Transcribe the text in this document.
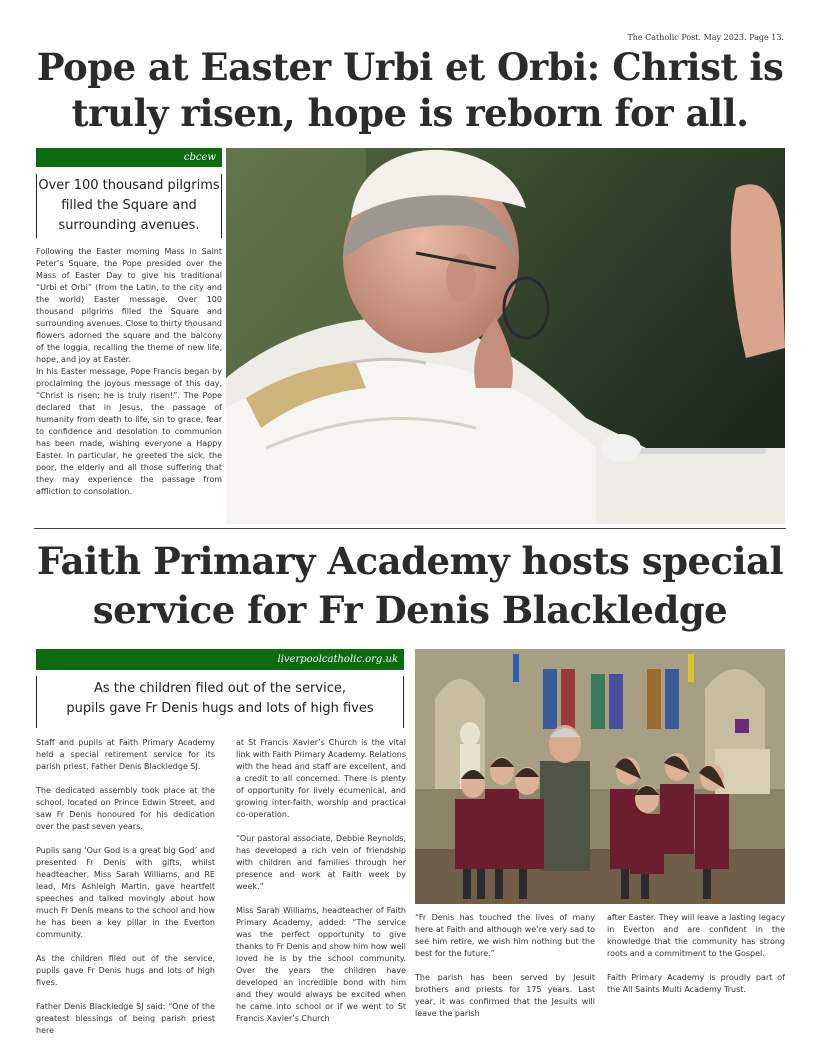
The Catholic Post. May 2023. Page 13.
Pope at Easter Urbi et Orbi: Christ is
truly risen, hope is reborn for all.
cbcew
Over 100 thousand pilgrims filled the Square and surrounding avenues.

Following the Easter morning Mass in Saint Peter’s Square, the Pope presided over the Mass of Easter Day to give his traditional “Urbi et Orbi” (from the Latin, to the city and the world) Easter message. Over 100 thousand pilgrims filled the Square and surrounding avenues. Close to thirty thousand flowers adorned the square and the balcony of the loggia, recalling the theme of new life, hope, and joy at Easter.

In his Easter message, Pope Francis began by proclaiming the joyous message of this day, “Christ is risen; he is truly risen!”. The Pope declared that in Jesus, the passage of humanity from death to life, sin to grace, fear to confidence and desolation to communion has been made, wishing everyone a Happy Easter. In particular, he greeted the sick, the poor, the elderly and all those suffering that they may experience the passage from affliction to consolation.

Faith Primary Academy hosts special
service for Fr Denis Blackledge
liverpoolcatholic.org.uk
As the children filed out of the service,
pupils gave Fr Denis hugs and lots of high fives

Staff and pupils at Faith Primary Academy held a special retirement service for its parish priest, Father Denis Blackledge SJ.

The dedicated assembly took place at the school, located on Prince Edwin Street, and saw Fr Denis honoured for his dedication over the past seven years.

Pupils sang ‘Our God is a great big God’ and presented Fr Denis with gifts, whilst headteacher, Miss Sarah Williams, and RE lead, Mrs Ashleigh Martin, gave heartfelt speeches and talked movingly about how much Fr Denis means to the school and how he has been a key pillar in the Everton community.

As the children filed out of the service, pupils gave Fr Denis hugs and lots of high fives.

Father Denis Blackledge SJ said: “One of the greatest blessings of being parish priest here

at St Francis Xavier’s Church is the vital link with Faith Primary Academy. Relations with the head and staff are excellent, and a credit to all concerned. There is plenty of opportunity for lively ecumenical, and growing inter-faith, worship and practical co-operation.

“Our pastoral associate, Debbie Reynolds, has developed a rich vein of friendship with children and families through her presence and work at Faith week by week.”

Miss Sarah Williams, headteacher of Faith Primary Academy, added: “The service was the perfect opportunity to give thanks to Fr Denis and show him how well loved he is by the school community. Over the years the children have developed an incredible bond with him and they would always be excited when he came into school or if we went to St Francis Xavier’s Church

“Fr Denis has touched the lives of many here at Faith and although we’re very sad to see him retire, we wish him nothing but the best for the future.”

The parish has been served by Jesuit brothers and priests for 175 years. Last year, it was confirmed that the Jesuits will leave the parish

after Easter. They will leave a lasting legacy in Everton and are confident in the knowledge that the community has strong roots and a commitment to the Gospel.

Faith Primary Academy is proudly part of the All Saints Multi Academy Trust.
